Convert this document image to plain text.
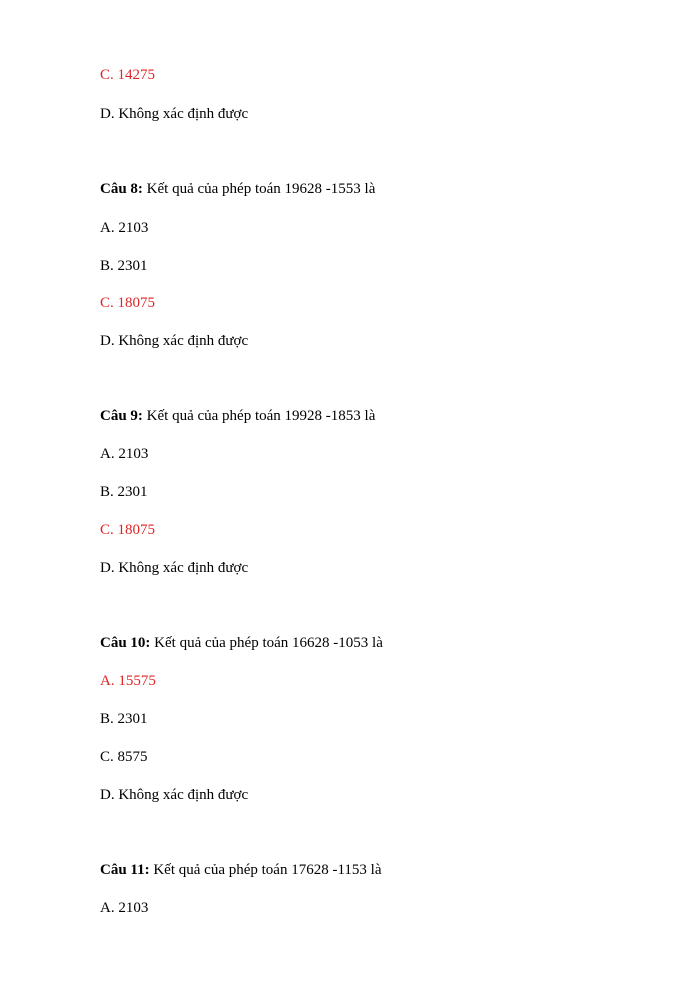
C. 14275
D. Không xác định được
Câu 8: Kết quả của phép toán 19628 -1553 là
A. 2103
B. 2301
C. 18075
D. Không xác định được
Câu 9: Kết quả của phép toán 19928 -1853 là
A. 2103
B. 2301
C. 18075
D. Không xác định được
Câu 10: Kết quả của phép toán 16628 -1053 là
A. 15575
B. 2301
C. 8575
D. Không xác định được
Câu 11: Kết quả của phép toán 17628 -1153 là
A. 2103
